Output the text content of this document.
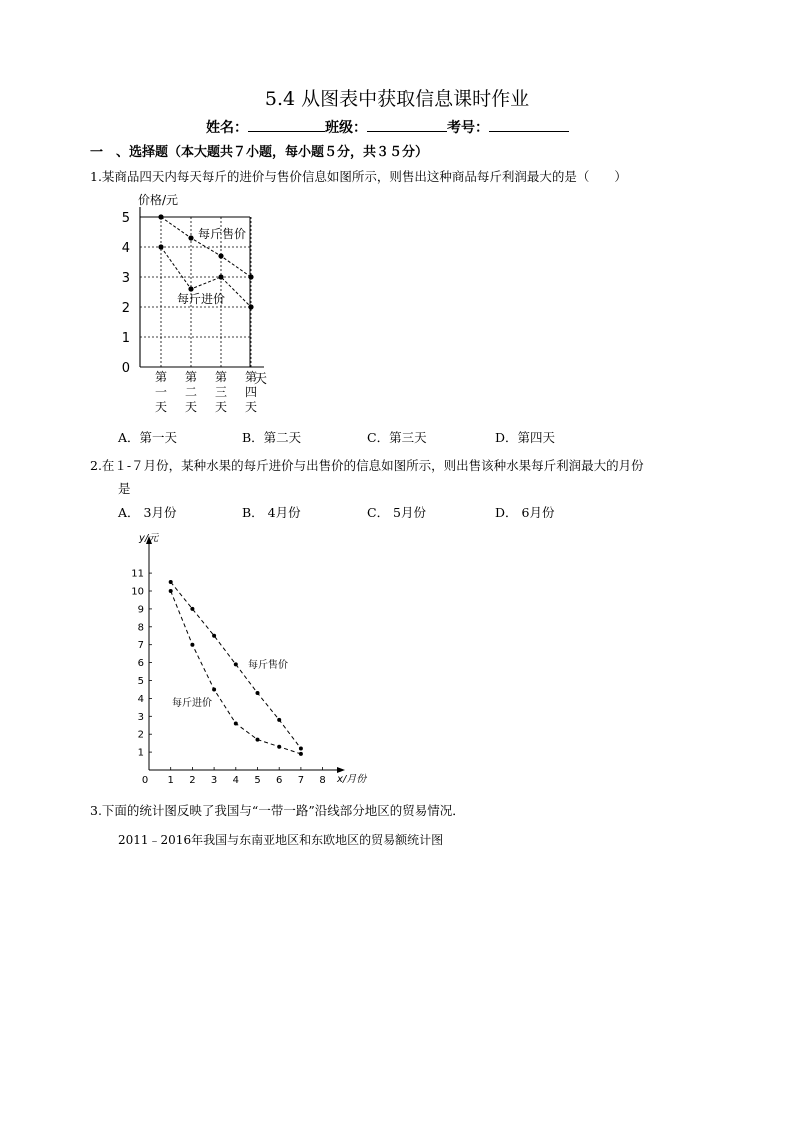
5.4 从图表中获取信息课时作业
姓名：	班级：	考号：
一　、选择题（本大题共７小题，每小题５分，共３５分）
1.某商品四天内每天每斤的进价与售价信息如图所示，则售出这种商品每斤利润最大的是（　　）
价格/元
天
每斤售价
每斤进价
0
1
2
3
4
5
第一天
第二天
第三天
第四天
A．第一天	B．第二天	C．第三天	D．第四天
2.在１-７月份，某种水果的每斤进价与出售价的信息如图所示，则出售该种水果每斤利润最大的月份
是
A． 3月份	B． 4月份	C． 5月份	D． 6月份
y/元
x/月份
每斤售价
每斤进价
1
2
3
4
5
6
7
8
9
10
11
0 1 2 3 4 5 6 7 8
3.下面的统计图反映了我国与“一带一路”沿线部分地区的贸易情况．
2011﹣2016年我国与东南亚地区和东欧地区的贸易额统计图
